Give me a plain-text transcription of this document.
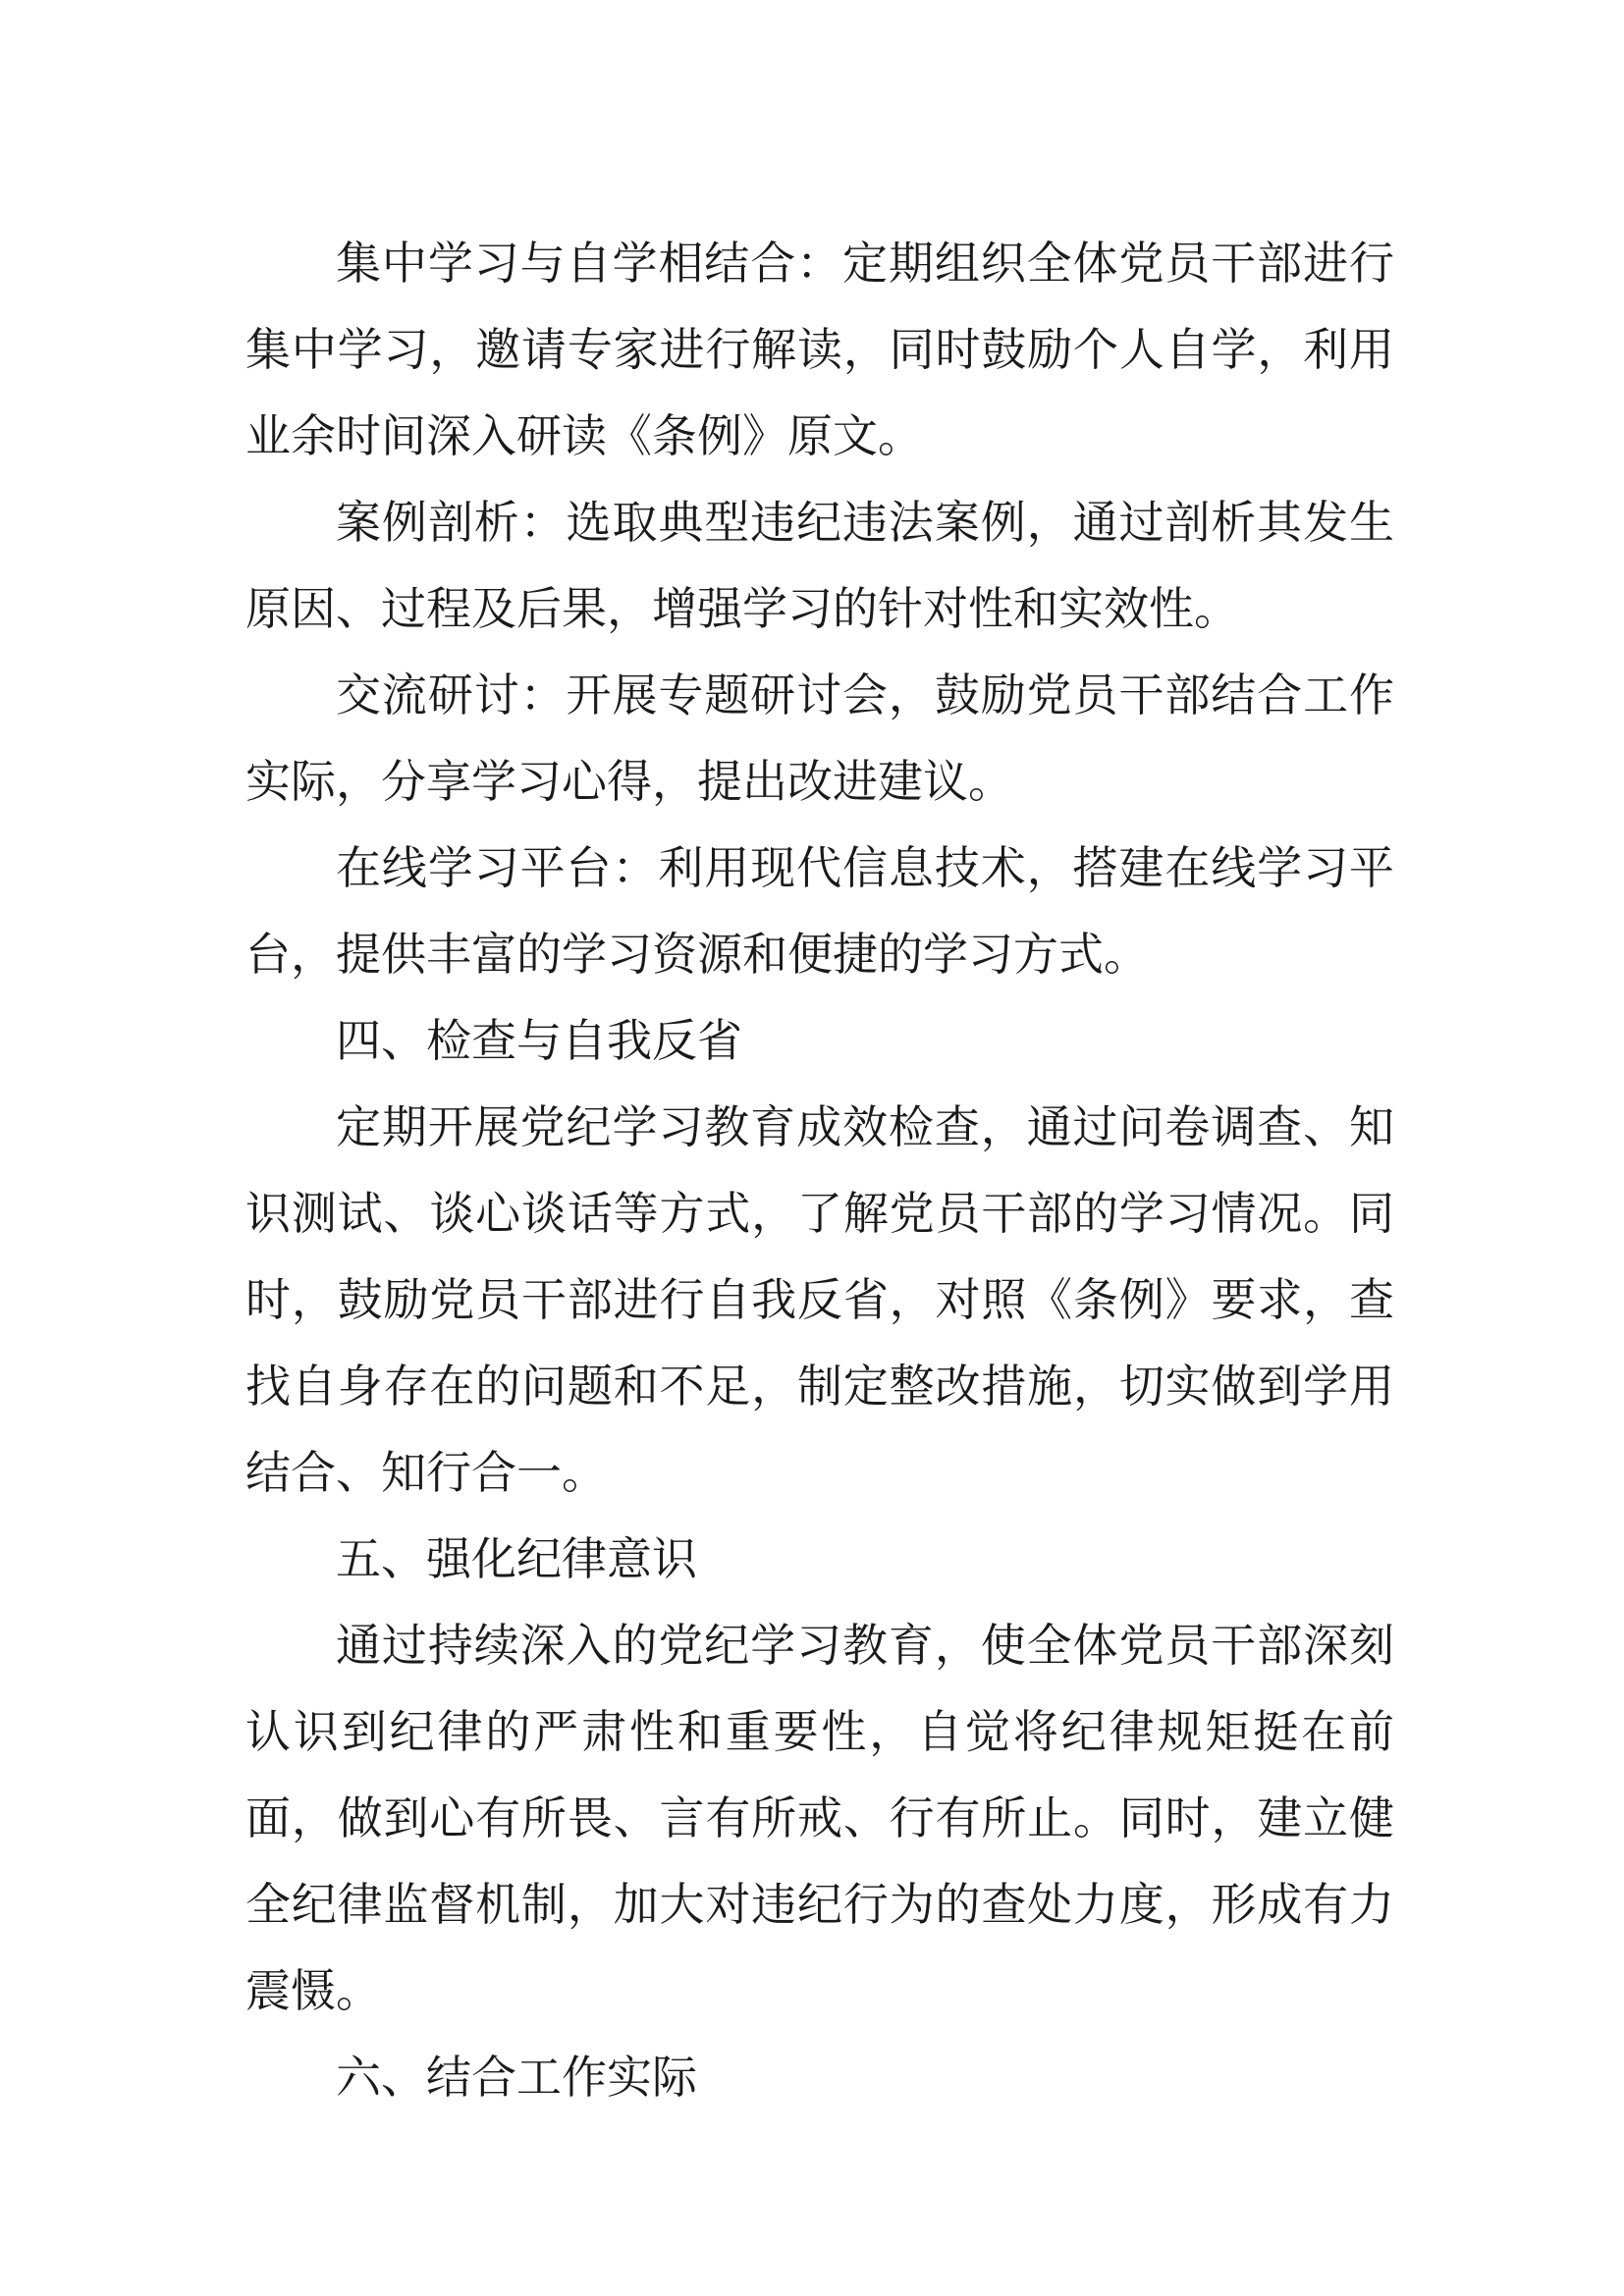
集中学习与自学相结合：定期组织全体党员干部进行集中学习，邀请专家进行解读，同时鼓励个人自学，利用业余时间深入研读《条例》原文。

案例剖析：选取典型违纪违法案例，通过剖析其发生原因、过程及后果，增强学习的针对性和实效性。

交流研讨：开展专题研讨会，鼓励党员干部结合工作实际，分享学习心得，提出改进建议。

在线学习平台：利用现代信息技术，搭建在线学习平台，提供丰富的学习资源和便捷的学习方式。

四、检查与自我反省

定期开展党纪学习教育成效检查，通过问卷调查、知识测试、谈心谈话等方式，了解党员干部的学习情况。同时，鼓励党员干部进行自我反省，对照《条例》要求，查找自身存在的问题和不足，制定整改措施，切实做到学用结合、知行合一。

五、强化纪律意识

通过持续深入的党纪学习教育，使全体党员干部深刻认识到纪律的严肃性和重要性，自觉将纪律规矩挺在前面，做到心有所畏、言有所戒、行有所止。同时，建立健全纪律监督机制，加大对违纪行为的查处力度，形成有力震慑。

六、结合工作实际
